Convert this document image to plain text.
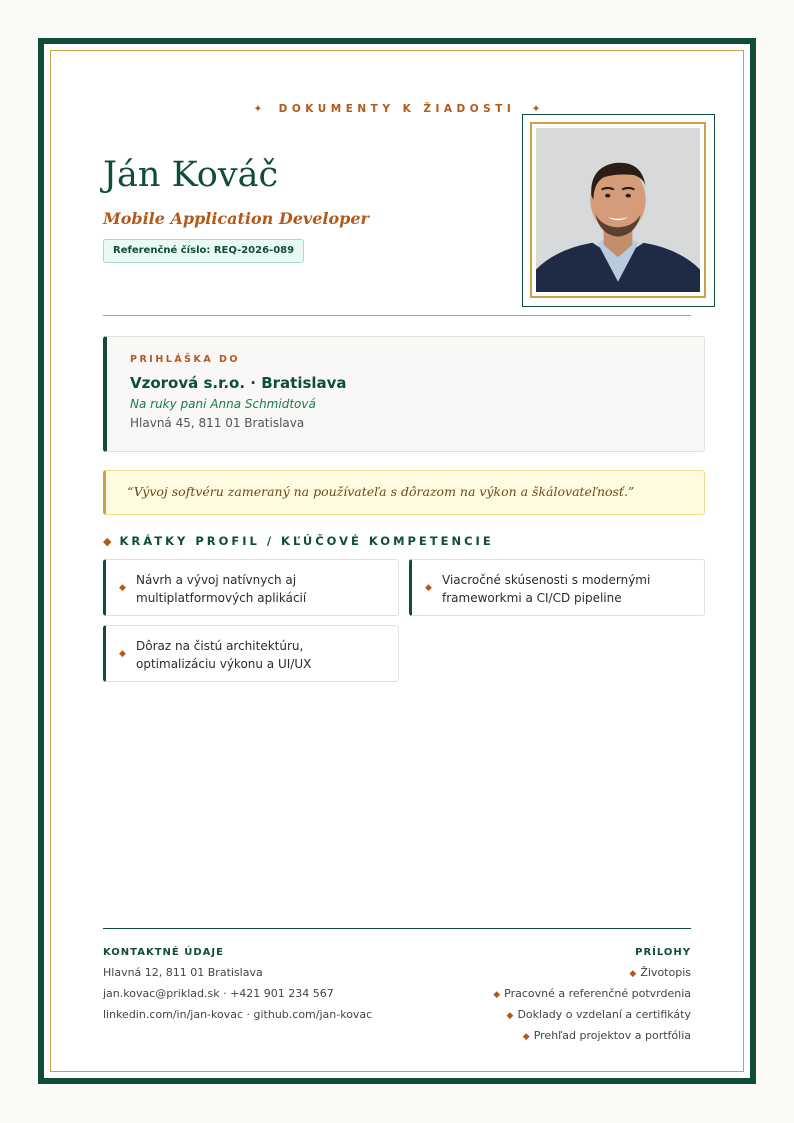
✦ DOKUMENTY K ŽIADOSTI ✦
Ján Kováč
Mobile Application Developer
Referenčné číslo: REQ-2026-089
PRIHLÁŠKA DO
Vzorová s.r.o. · Bratislava
Na ruky pani Anna Schmidtová
Hlavná 45, 811 01 Bratislava
“Vývoj softvéru zameraný na používateľa s dôrazom na výkon a škálovateľnosť.”
◆ KRÁTKY PROFIL / KĽÚČOVÉ KOMPETENCIE
◆
Návrh a vývoj natívnych aj multiplatformových aplikácií
◆
Viacročné skúsenosti s modernými frameworkmi a CI/CD pipeline
◆
Dôraz na čistú architektúru, optimalizáciu výkonu a UI/UX
KONTAKTNÉ ÚDAJE
Hlavná 12, 811 01 Bratislava
jan.kovac@priklad.sk · +421 901 234 567
linkedin.com/in/jan-kovac · github.com/jan-kovac
PRÍLOHY
◆ Životopis
◆ Pracovné a referenčné potvrdenia
◆ Doklady o vzdelaní a certifikáty
◆ Prehľad projektov a portfólia
